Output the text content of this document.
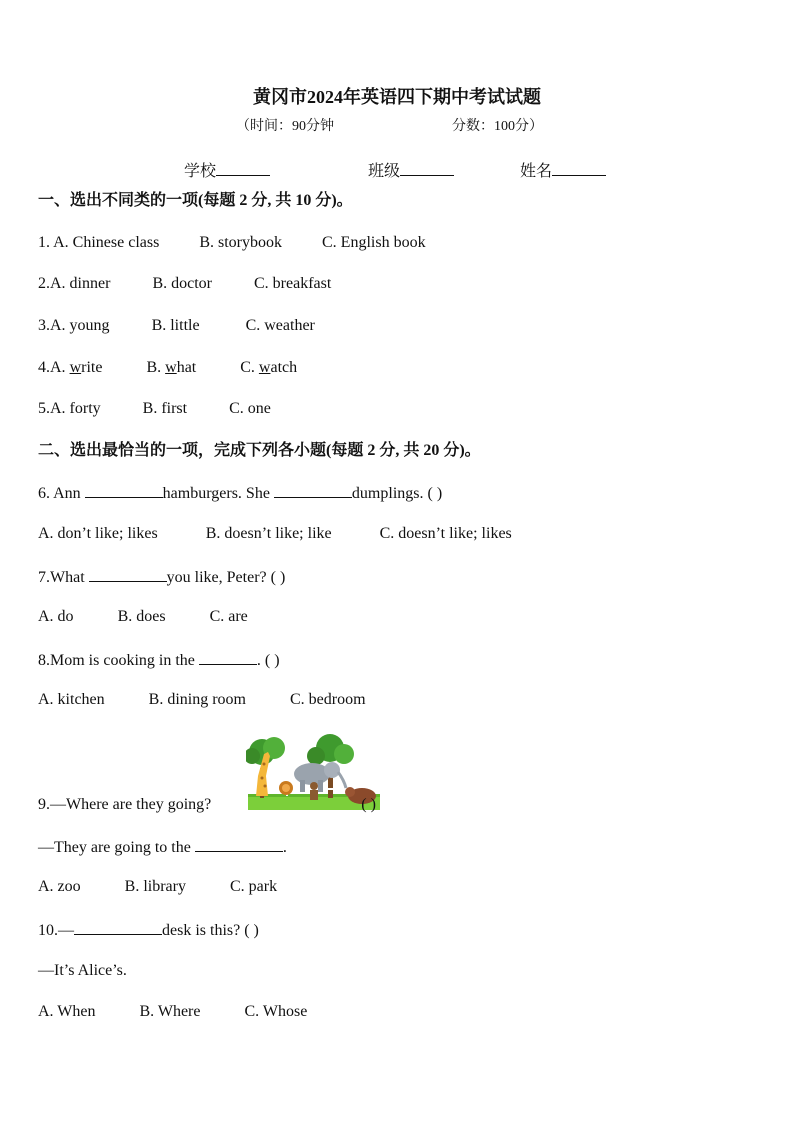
黄冈市2024年英语四下期中考试试题
（时间：90分钟	分数：100分）
学校	班级	姓名
一、选出不同类的一项(每题 2 分, 共 10 分)。
1. A. Chinese class	B. storybook	C. English book
2.A. dinner	B. doctor	C. breakfast
3.A. young	B. little	C. weather
4.A. write	B. what	C. watch
5.A. forty	B. first	C. one
二、选出最恰当的一项，完成下列各小题(每题 2 分, 共 20 分)。
6. Ann	hamburgers. She	dumplings. ( )
A. don’t like; likes	B. doesn’t like; like	C. doesn’t like; likes
7.What	you like, Peter? ( )
A. do	B. does	C. are
8.Mom is cooking in the	. ( )
A. kitchen	B. dining room	C. bedroom
9.—Where are they going?	( )
—They are going to the	.
A. zoo	B. library	C. park
10.—	desk is this? ( )
—It’s Alice’s.
A. When	B. Where	C. Whose
